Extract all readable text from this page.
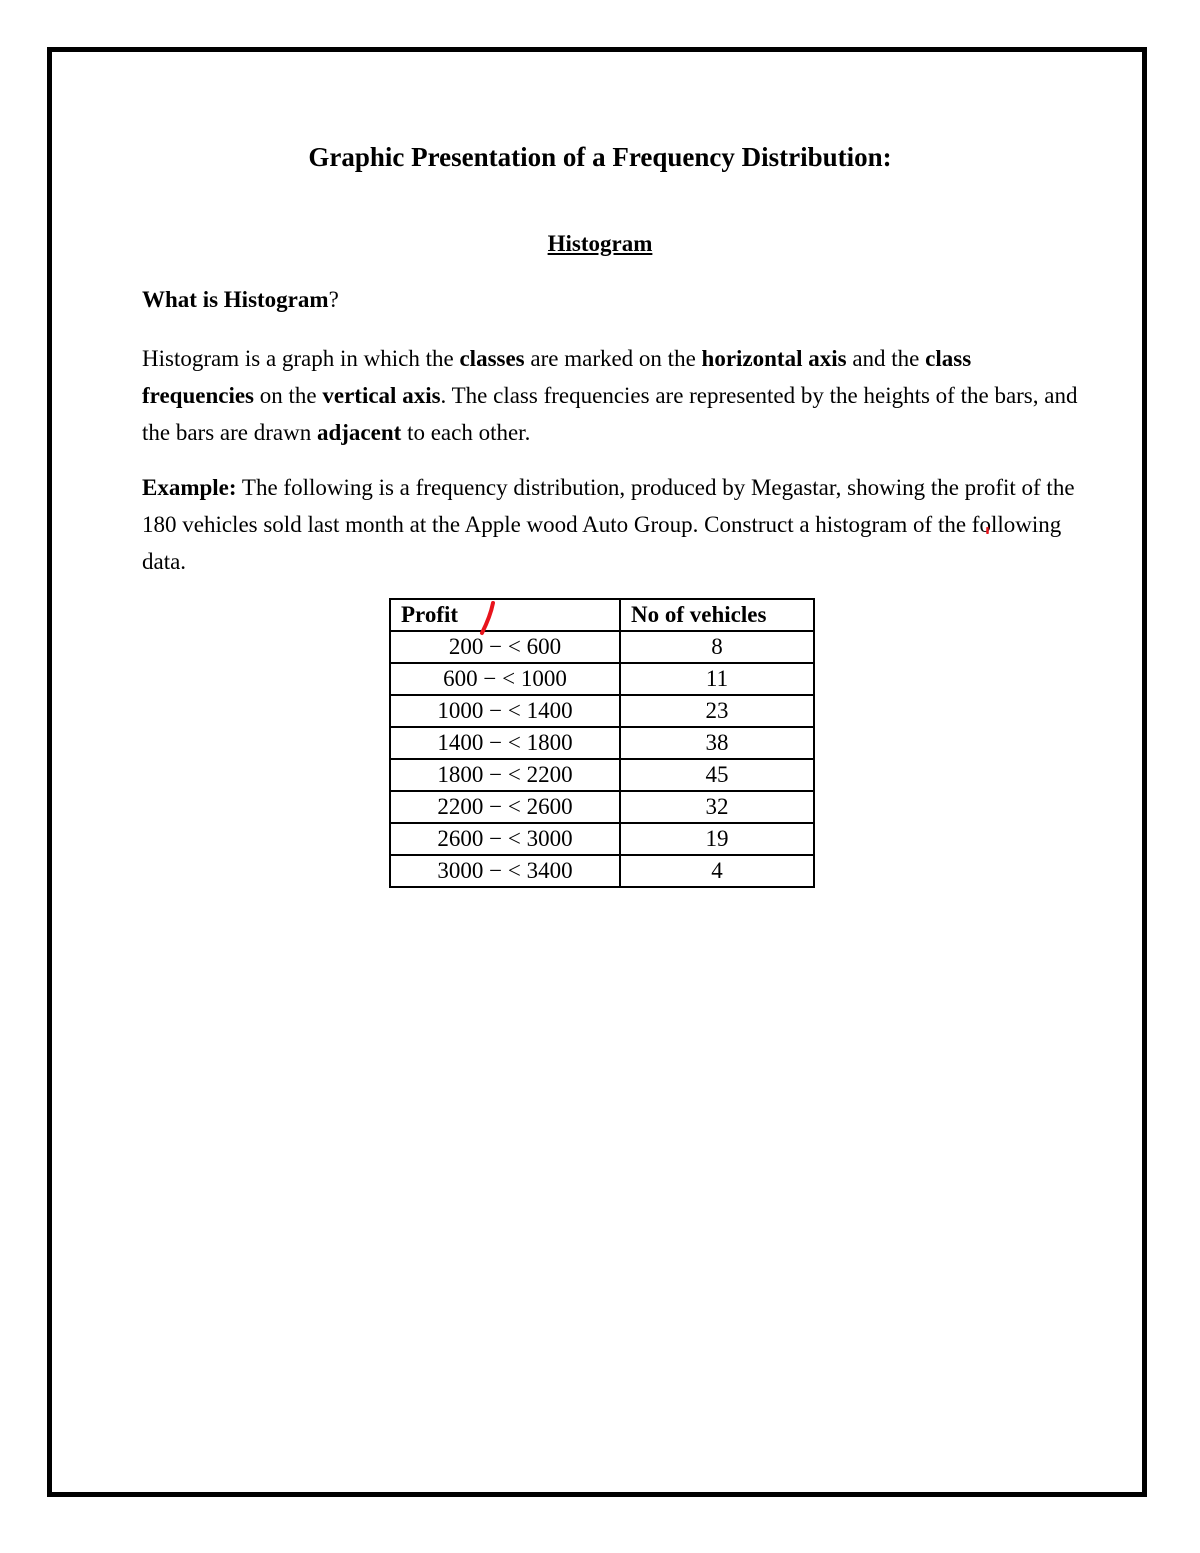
Graphic Presentation of a Frequency Distribution:
Histogram
What is Histogram?
Histogram is a graph in which the classes are marked on the horizontal axis and the class frequencies on the vertical axis. The class frequencies are represented by the heights of the bars, and the bars are drawn adjacent to each other.
Example: The following is a frequency distribution, produced by Megastar, showing the profit of the 180 vehicles sold last month at the Apple wood Auto Group. Construct a histogram of the following data.
Profit	No of vehicles
200 − < 600	8
600 − < 1000	11
1000 − < 1400	23
1400 − < 1800	38
1800 − < 2200	45
2200 − < 2600	32
2600 − < 3000	19
3000 − < 3400	4
